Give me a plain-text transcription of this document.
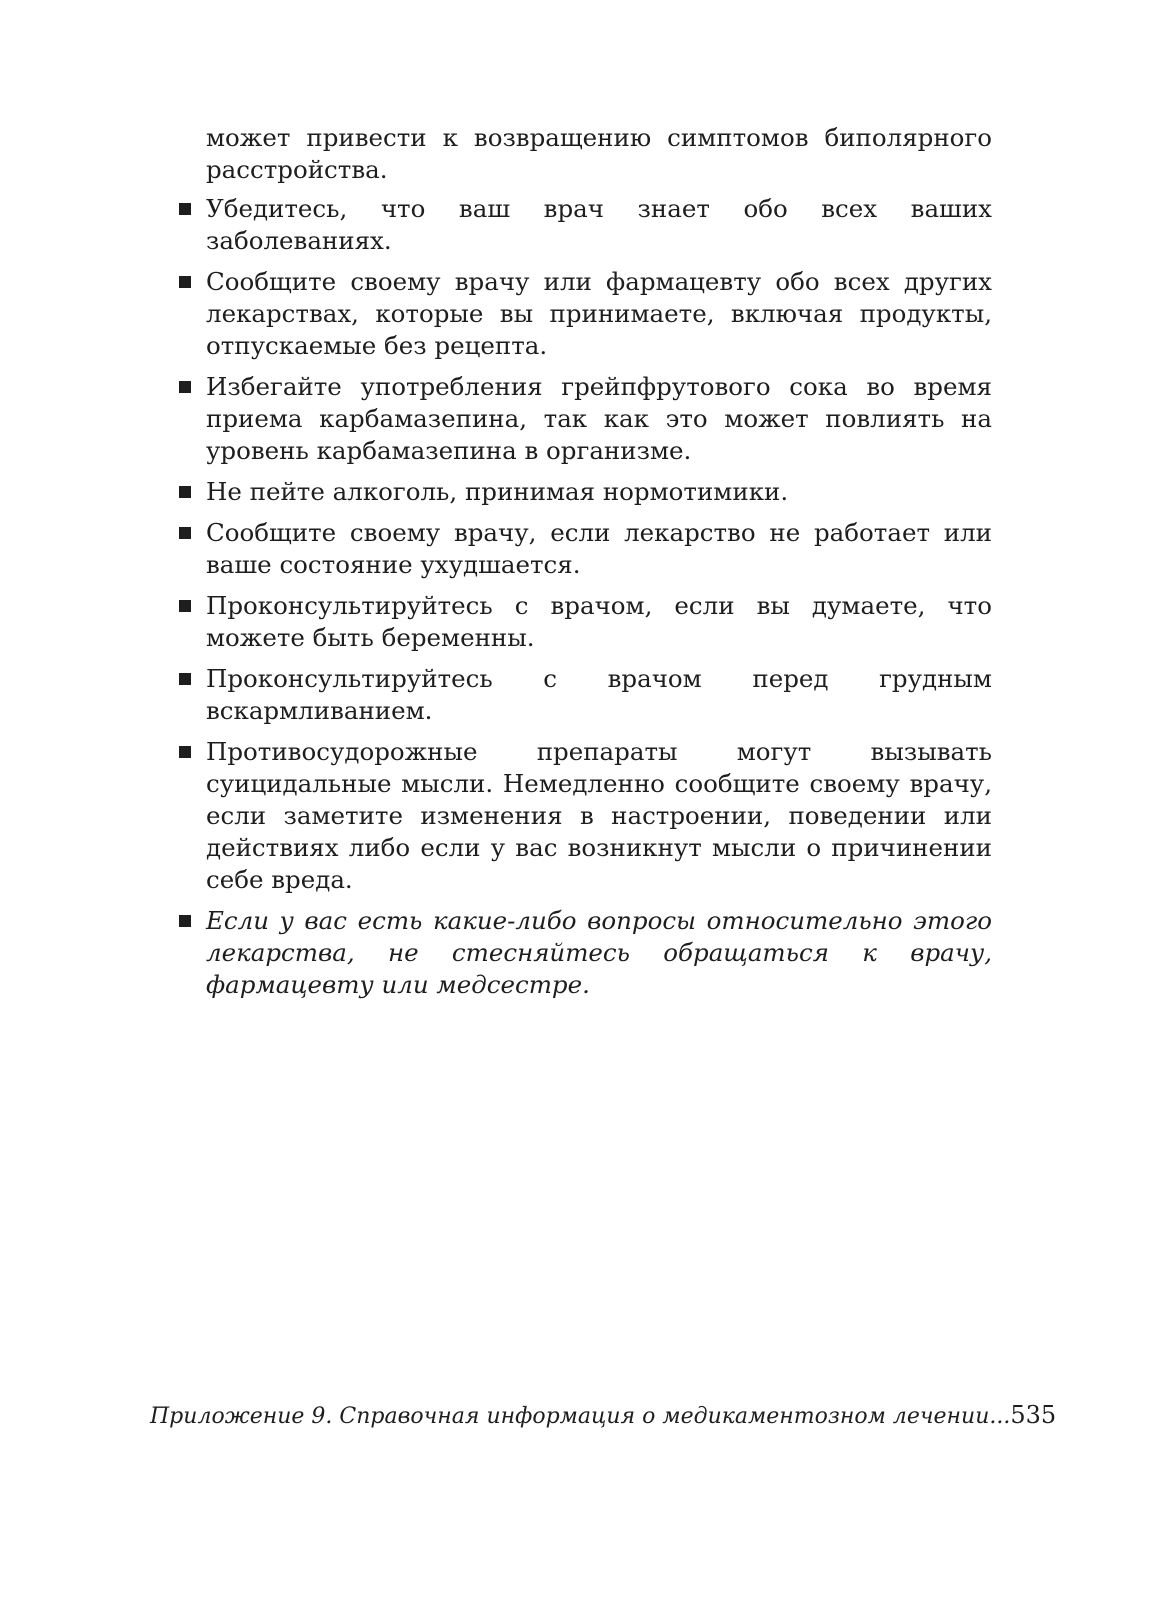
может привести к возвращению симптомов биполярного расстройства.

Убедитесь, что ваш врач знает обо всех ваших заболеваниях.
Сообщите своему врачу или фармацевту обо всех других лекарствах, которые вы принимаете, включая продукты, отпускаемые без рецепта.
Избегайте употребления грейпфрутового сока во время приема карбамазепина, так как это может повлиять на уровень карбамазепина в организме.
Не пейте алкоголь, принимая нормотимики.
Сообщите своему врачу, если лекарство не работает или ваше состояние ухудшается.
Проконсультируйтесь с врачом, если вы думаете, что можете быть беременны.
Проконсультируйтесь с врачом перед грудным вскармливанием.
Противосудорожные препараты могут вызывать суицидальные мысли. Немедленно сообщите своему врачу, если заметите изменения в настроении, поведении или действиях либо если у вас возникнут мысли о причинении себе вреда.
Если у вас есть какие-либо вопросы относительно этого лекарства, не стесняйтесь обращаться к врачу, фармацевту или медсестре.
Приложение 9. Справочная информация о медикаментозном лечении... 535
